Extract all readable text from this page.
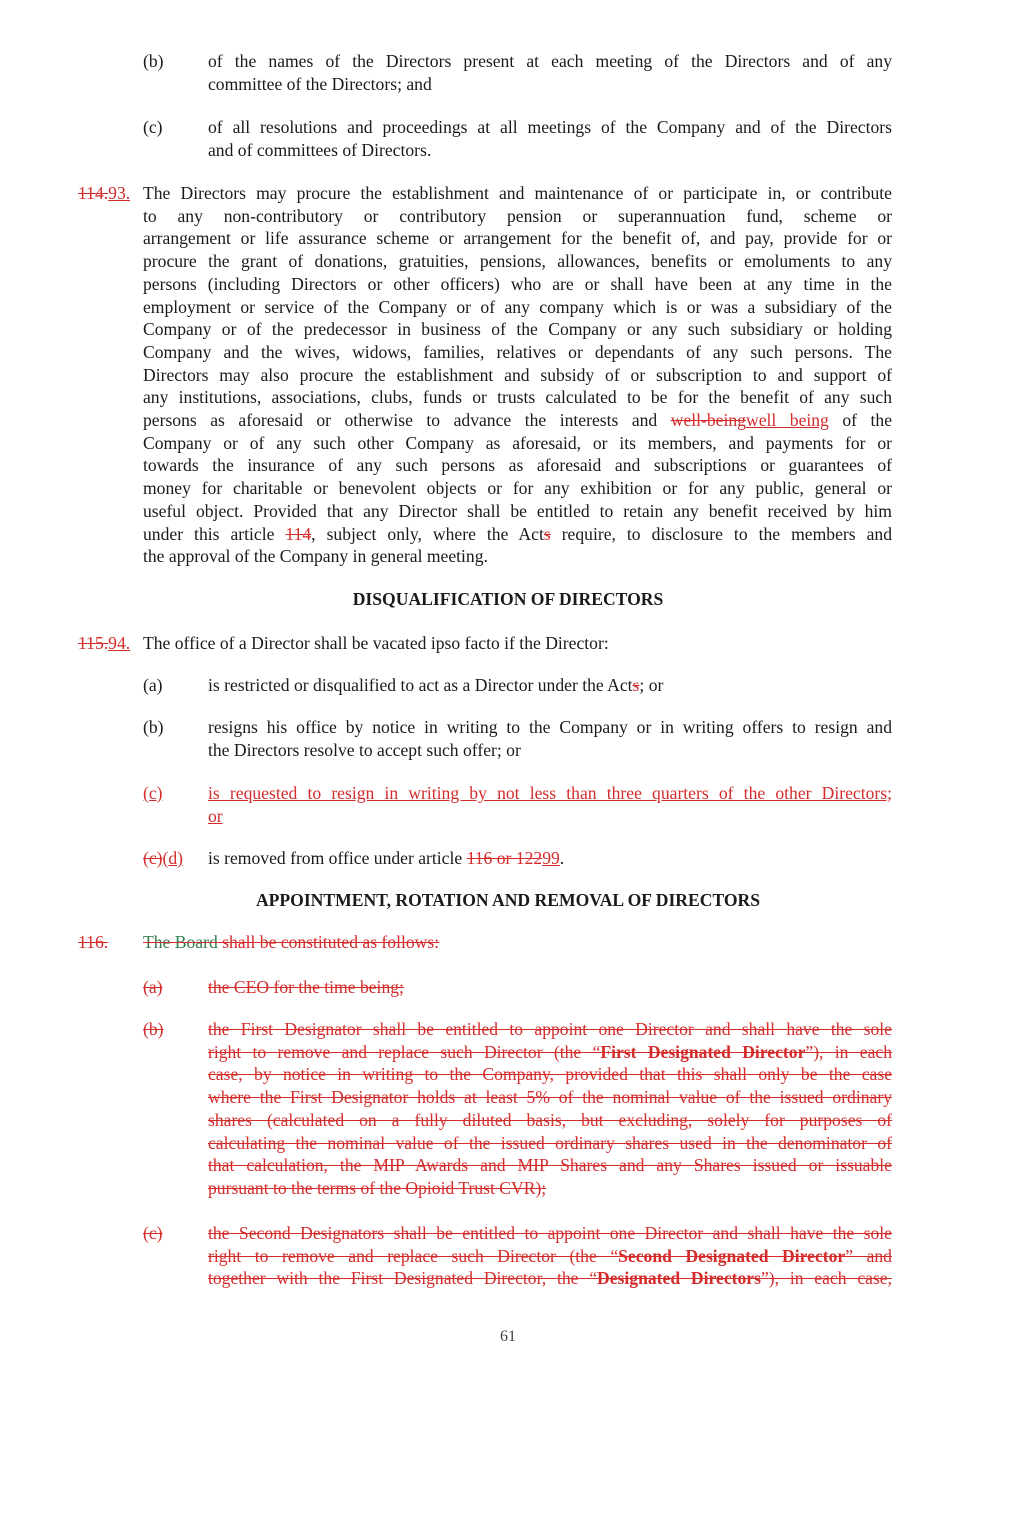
(b)	of the names of the Directors present at each meeting of the Directors and of any
committee of the Directors; and
(c)	of all resolutions and proceedings at all meetings of the Company and of the Directors
and of committees of Directors.
114.93. The Directors may procure the establishment and maintenance of or participate in, or contribute
to any non-contributory or contributory pension or superannuation fund, scheme or
arrangement or life assurance scheme or arrangement for the benefit of, and pay, provide for or
procure the grant of donations, gratuities, pensions, allowances, benefits or emoluments to any
persons (including Directors or other officers) who are or shall have been at any time in the
employment or service of the Company or of any company which is or was a subsidiary of the
Company or of the predecessor in business of the Company or any such subsidiary or holding
Company and the wives, widows, families, relatives or dependants of any such persons. The
Directors may also procure the establishment and subsidy of or subscription to and support of
any institutions, associations, clubs, funds or trusts calculated to be for the benefit of any such
persons as aforesaid or otherwise to advance the interests and well-beingwell being of the
Company or of any such other Company as aforesaid, or its members, and payments for or
towards the insurance of any such persons as aforesaid and subscriptions or guarantees of
money for charitable or benevolent objects or for any exhibition or for any public, general or
useful object. Provided that any Director shall be entitled to retain any benefit received by him
under this article 114, subject only, where the Acts require, to disclosure to the members and
the approval of the Company in general meeting.
DISQUALIFICATION OF DIRECTORS
115.94. The office of a Director shall be vacated ipso facto if the Director:
(a)	is restricted or disqualified to act as a Director under the Acts; or
(b)	resigns his office by notice in writing to the Company or in writing offers to resign and
the Directors resolve to accept such offer; or
(c)	is requested to resign in writing by not less than three quarters of the other Directors;
or
(c)(d)	is removed from office under article 116 or 12299.
APPOINTMENT, ROTATION AND REMOVAL OF DIRECTORS
116.	The Board shall be constituted as follows:
(a)	the CEO for the time being;
(b)	the First Designator shall be entitled to appoint one Director and shall have the sole
right to remove and replace such Director (the “First Designated Director”), in each
case, by notice in writing to the Company, provided that this shall only be the case
where the First Designator holds at least 5% of the nominal value of the issued ordinary
shares (calculated on a fully diluted basis, but excluding, solely for purposes of
calculating the nominal value of the issued ordinary shares used in the denominator of
that calculation, the MIP Awards and MIP Shares and any Shares issued or issuable
pursuant to the terms of the Opioid Trust CVR);
(c)	the Second Designators shall be entitled to appoint one Director and shall have the sole
right to remove and replace such Director (the “Second Designated Director” and
together with the First Designated Director, the “Designated Directors”), in each case,
61
